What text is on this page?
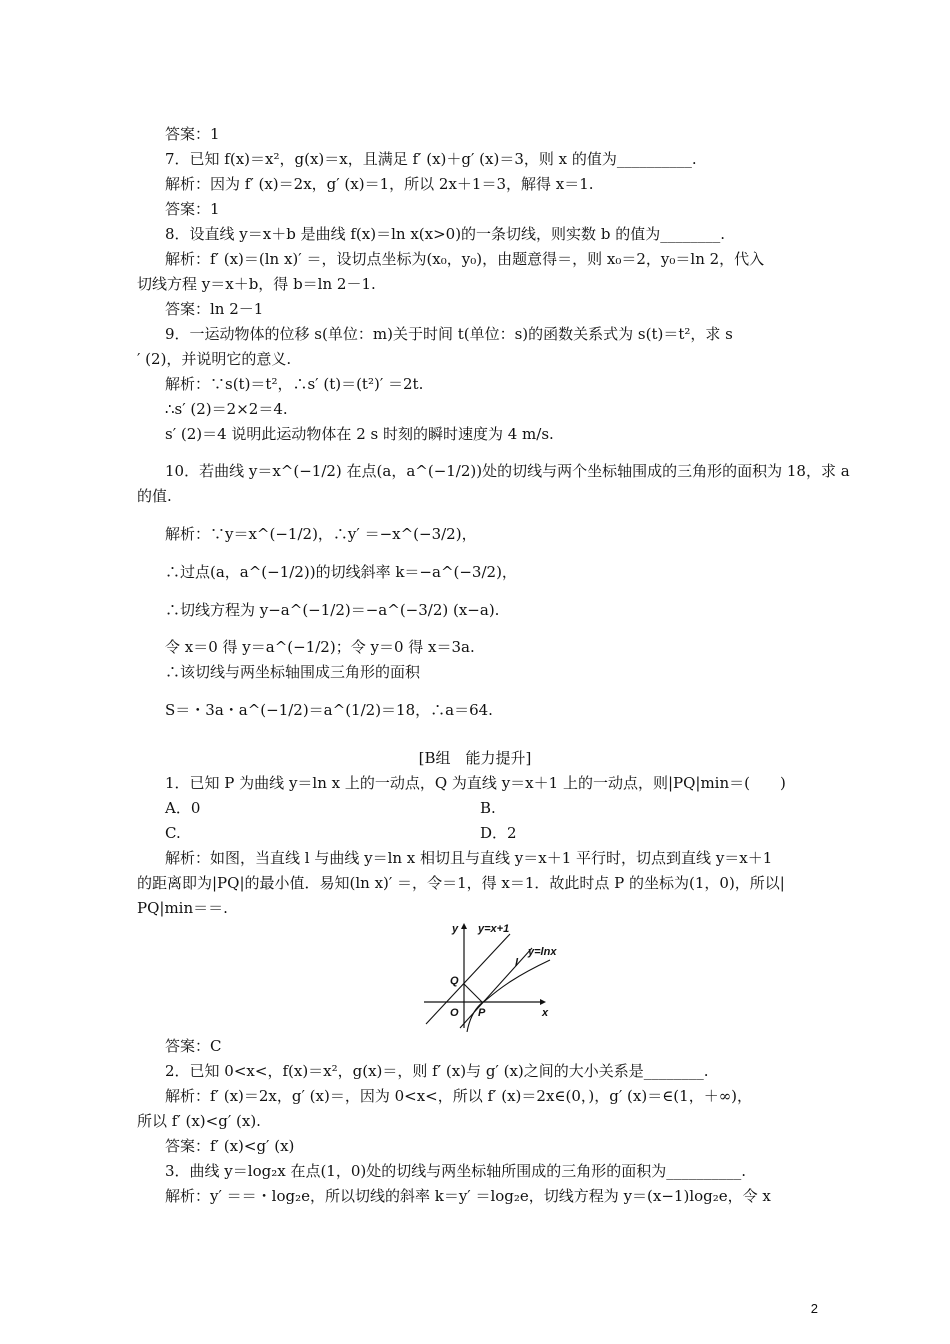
答案：1
7．已知 f(x)＝x²，g(x)＝x，且满足 f′ (x)＋g′ (x)＝3，则 x 的值为__________.
解析：因为 f′ (x)＝2x，g′ (x)＝1，所以 2x＋1＝3，解得 x＝1.
答案：1
8．设直线 y＝x＋b 是曲线 f(x)＝ln x(x>0)的一条切线，则实数 b 的值为________.
解析：f′ (x)＝(ln x)′ ＝，设切点坐标为(x₀，y₀)，由题意得＝，则 x₀＝2，y₀＝ln 2，代入
切线方程 y＝x＋b，得 b＝ln 2－1.
答案：ln 2－1
9．一运动物体的位移 s(单位：m)关于时间 t(单位：s)的函数关系式为 s(t)＝t²，求 s
′ (2)，并说明它的意义.
解析：∵s(t)＝t²，∴s′ (t)＝(t²)′ ＝2t.
∴s′ (2)＝2×2＝4.
s′ (2)＝4 说明此运动物体在 2 s 时刻的瞬时速度为 4 m/s.
10．若曲线 y＝x^(−1/2) 在点(a，a^(−1/2))处的切线与两个坐标轴围成的三角形的面积为 18，求 a
的值.
解析：∵y＝x^(−1/2)，∴y′ ＝−x^(−3/2)，
∴过点(a，a^(−1/2))的切线斜率 k＝−a^(−3/2)，
∴切线方程为 y−a^(−1/2)＝−a^(−3/2) (x−a).
令 x＝0 得 y＝a^(−1/2)；令 y＝0 得 x＝3a.
∴该切线与两坐标轴围成三角形的面积
S＝・3a・a^(−1/2)＝a^(1/2)＝18，∴a＝64.
[B组　能力提升]
1．已知 P 为曲线 y＝ln x 上的一动点，Q 为直线 y＝x＋1 上的一动点，则|PQ|min＝(　　)
A．0	B.
C.	D．2
解析：如图，当直线 l 与曲线 y＝ln x 相切且与直线 y＝x＋1 平行时，切点到直线 y＝x＋1
的距离即为|PQ|的最小值．易知(ln x)′ ＝，令＝1，得 x＝1．故此时点 P 的坐标为(1，0)，所以|
PQ|min＝＝.
答案：C
2．已知 0<x<，f(x)＝x²，g(x)＝，则 f′ (x)与 g′ (x)之间的大小关系是________.
解析：f′ (x)＝2x，g′ (x)＝，因为 0<x<，所以 f′ (x)＝2x∈(0，)，g′ (x)＝∈(1，＋∞)，
所以 f′ (x)<g′ (x).
答案：f′ (x)<g′ (x)
3．曲线 y＝log₂x 在点(1，0)处的切线与两坐标轴所围成的三角形的面积为__________.
解析：y′ ＝＝・log₂e，所以切线的斜率 k＝y′ ＝log₂e，切线方程为 y＝(x−1)log₂e，令 x
y
x
y=x+1
y=lnx
l
O
Q
P
2
